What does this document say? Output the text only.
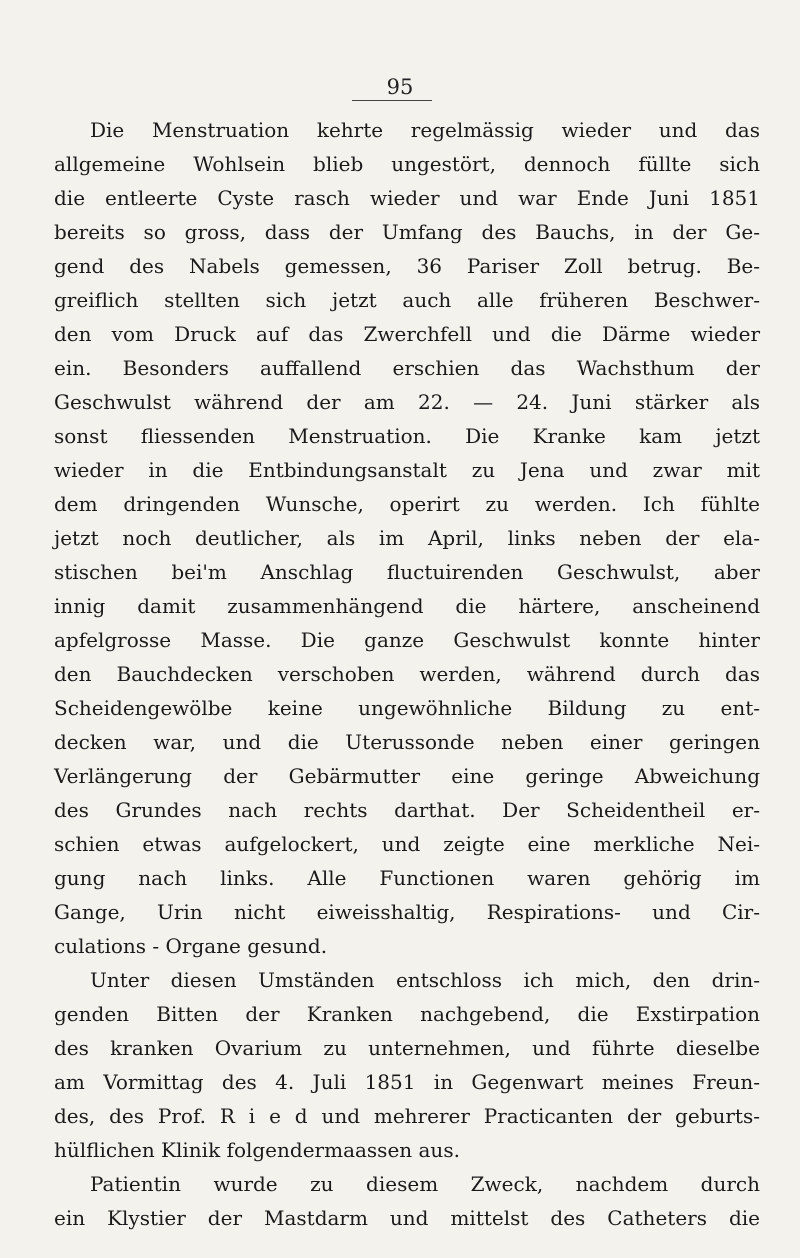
95
Die Menstruation kehrte regelmässig wieder und das
allgemeine Wohlsein blieb ungestört, dennoch füllte sich
die entleerte Cyste rasch wieder und war Ende Juni 1851
bereits so gross, dass der Umfang des Bauchs, in der Ge-
gend des Nabels gemessen, 36 Pariser Zoll betrug. Be-
greiflich stellten sich jetzt auch alle früheren Beschwer-
den vom Druck auf das Zwerchfell und die Därme wieder
ein. Besonders auffallend erschien das Wachsthum der
Geschwulst während der am 22. — 24. Juni stärker als
sonst fliessenden Menstruation. Die Kranke kam jetzt
wieder in die Entbindungsanstalt zu Jena und zwar mit
dem dringenden Wunsche, operirt zu werden. Ich fühlte
jetzt noch deutlicher, als im April, links neben der ela-
stischen bei'm Anschlag fluctuirenden Geschwulst, aber
innig damit zusammenhängend die härtere, anscheinend
apfelgrosse Masse. Die ganze Geschwulst konnte hinter
den Bauchdecken verschoben werden, während durch das
Scheidengewölbe keine ungewöhnliche Bildung zu ent-
decken war, und die Uterussonde neben einer geringen
Verlängerung der Gebärmutter eine geringe Abweichung
des Grundes nach rechts darthat. Der Scheidentheil er-
schien etwas aufgelockert, und zeigte eine merkliche Nei-
gung nach links. Alle Functionen waren gehörig im
Gange, Urin nicht eiweisshaltig, Respirations- und Cir-
culations - Organe gesund.
Unter diesen Umständen entschloss ich mich, den drin-
genden Bitten der Kranken nachgebend, die Exstirpation
des kranken Ovarium zu unternehmen, und führte dieselbe
am Vormittag des 4. Juli 1851 in Gegenwart meines Freun-
des, des Prof. R i e d und mehrerer Practicanten der geburts-
hülflichen Klinik folgendermaassen aus.
Patientin wurde zu diesem Zweck, nachdem durch
ein Klystier der Mastdarm und mittelst des Catheters die
